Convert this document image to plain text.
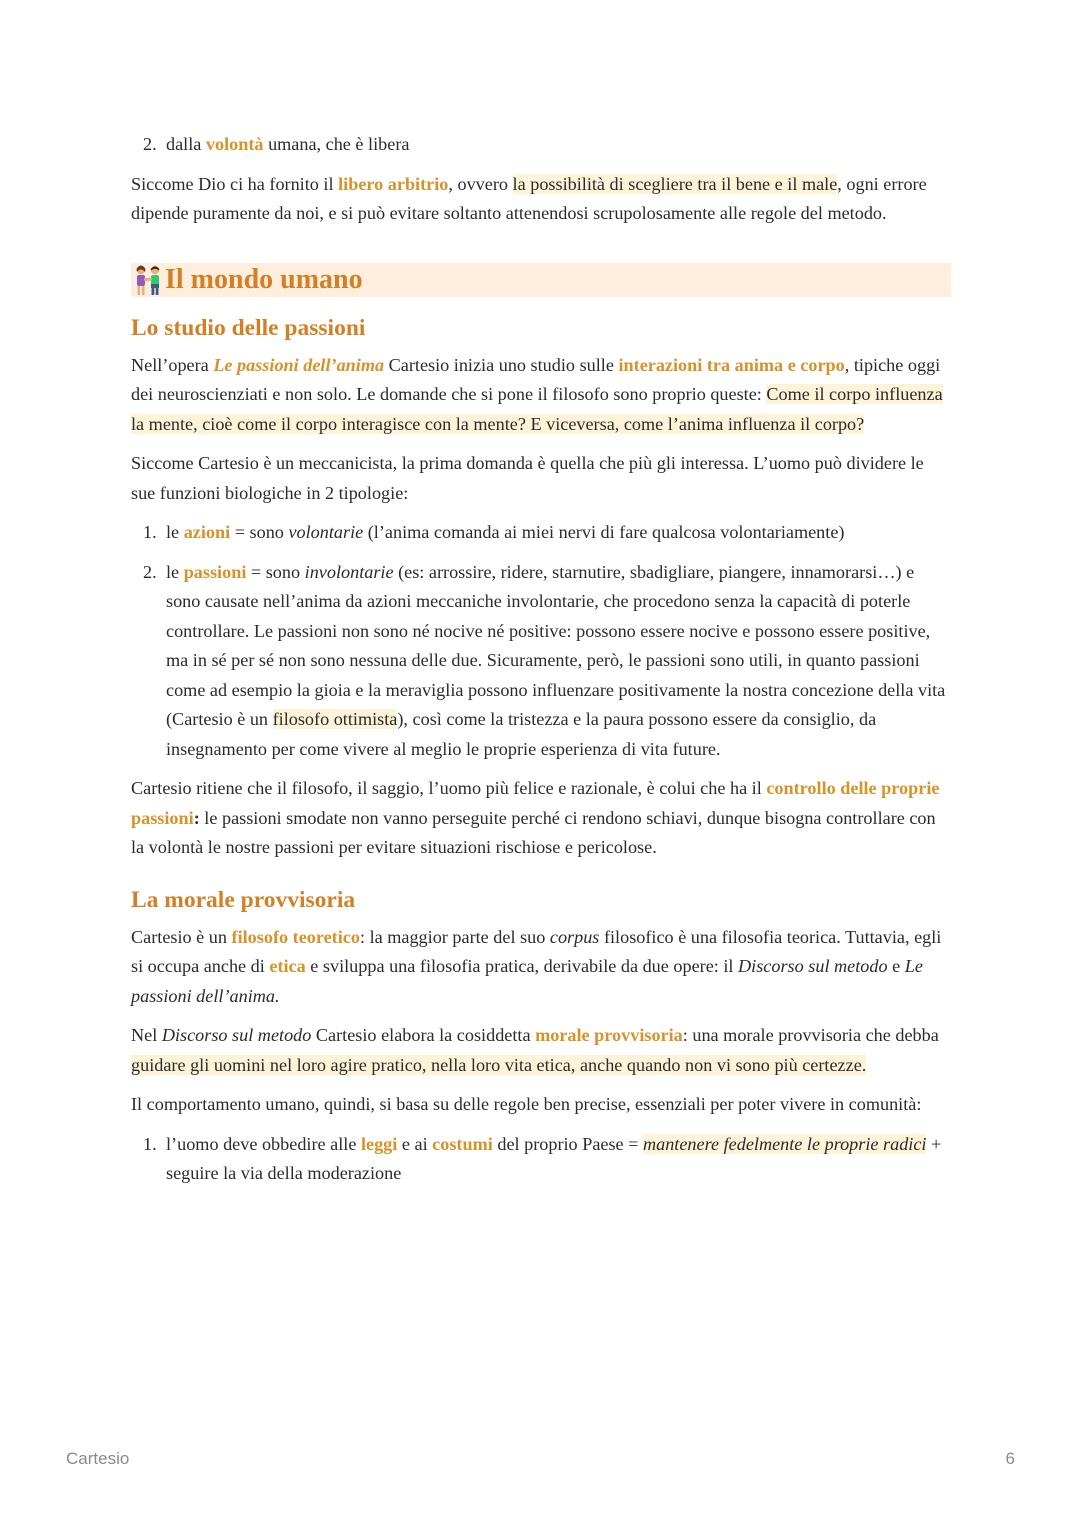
2. dalla volontà umana, che è libera

Siccome Dio ci ha fornito il libero arbitrio, ovvero la possibilità di scegliere tra il bene e il male, ogni errore dipende puramente da noi, e si può evitare soltanto attenendosi scrupolosamente alle regole del metodo.

Il mondo umano
Lo studio delle passioni

Nell’opera Le passioni dell’anima Cartesio inizia uno studio sulle interazioni tra anima e corpo, tipiche oggi dei neuroscienziati e non solo. Le domande che si pone il filosofo sono proprio queste: Come il corpo influenza la mente, cioè come il corpo interagisce con la mente? E viceversa, come l’anima influenza il corpo?

Siccome Cartesio è un meccanicista, la prima domanda è quella che più gli interessa. L’uomo può dividere le sue funzioni biologiche in 2 tipologie:

1. le azioni = sono volontarie (l’anima comanda ai miei nervi di fare qualcosa volontariamente)
2. le passioni = sono involontarie (es: arrossire, ridere, starnutire, sbadigliare, piangere, innamorarsi…) e sono causate nell’anima da azioni meccaniche involontarie, che procedono senza la capacità di poterle controllare. Le passioni non sono né nocive né positive: possono essere nocive e possono essere positive, ma in sé per sé non sono nessuna delle due. Sicuramente, però, le passioni sono utili, in quanto passioni come ad esempio la gioia e la meraviglia possono influenzare positivamente la nostra concezione della vita (Cartesio è un filosofo ottimista), così come la tristezza e la paura possono essere da consiglio, da insegnamento per come vivere al meglio le proprie esperienza di vita future.

Cartesio ritiene che il filosofo, il saggio, l’uomo più felice e razionale, è colui che ha il controllo delle proprie passioni: le passioni smodate non vanno perseguite perché ci rendono schiavi, dunque bisogna controllare con la volontà le nostre passioni per evitare situazioni rischiose e pericolose.

La morale provvisoria

Cartesio è un filosofo teoretico: la maggior parte del suo corpus filosofico è una filosofia teorica. Tuttavia, egli si occupa anche di etica e sviluppa una filosofia pratica, derivabile da due opere: il Discorso sul metodo e Le passioni dell’anima.

Nel Discorso sul metodo Cartesio elabora la cosiddetta morale provvisoria: una morale provvisoria che debba guidare gli uomini nel loro agire pratico, nella loro vita etica, anche quando non vi sono più certezze.

Il comportamento umano, quindi, si basa su delle regole ben precise, essenziali per poter vivere in comunità:

1. l’uomo deve obbedire alle leggi e ai costumi del proprio Paese = mantenere fedelmente le proprie radici + seguire la via della moderazione
Cartesio	6
